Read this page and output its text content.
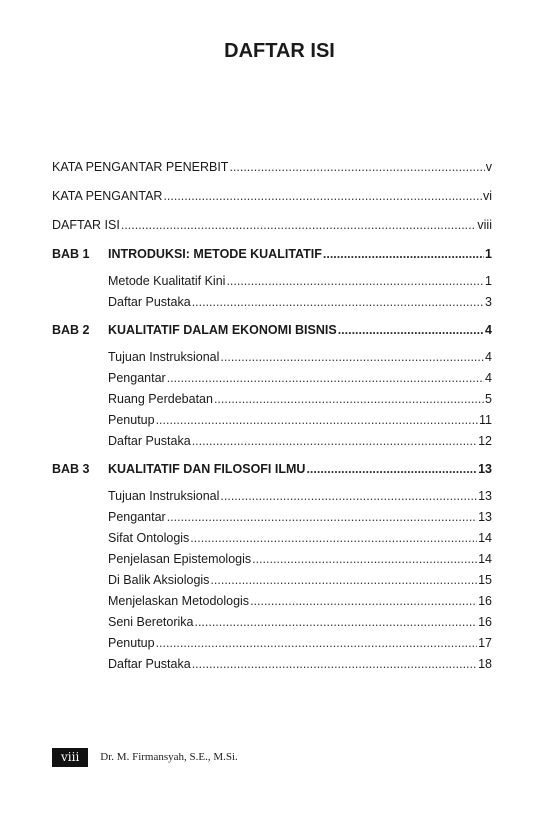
DAFTAR ISI
KATA PENGANTAR PENERBIT .....	v
KATA PENGANTAR .....	vi
DAFTAR ISI .....	viii
BAB 1	INTRODUKSI: METODE KUALITATIF .....	1
Metode Kualitatif Kini .....	1
Daftar Pustaka .....	3
BAB 2	KUALITATIF DALAM EKONOMI BISNIS .....	4
Tujuan Instruksional .....	4
Pengantar .....	4
Ruang Perdebatan .....	5
Penutup .....	11
Daftar Pustaka .....	12
BAB 3	KUALITATIF DAN FILOSOFI ILMU .....	13
Tujuan Instruksional .....	13
Pengantar .....	13
Sifat Ontologis .....	14
Penjelasan Epistemologis .....	14
Di Balik Aksiologis .....	15
Menjelaskan Metodologis .....	16
Seni Beretorika .....	16
Penutup .....	17
Daftar Pustaka .....	18
viii	Dr. M. Firmansyah, S.E., M.Si.
